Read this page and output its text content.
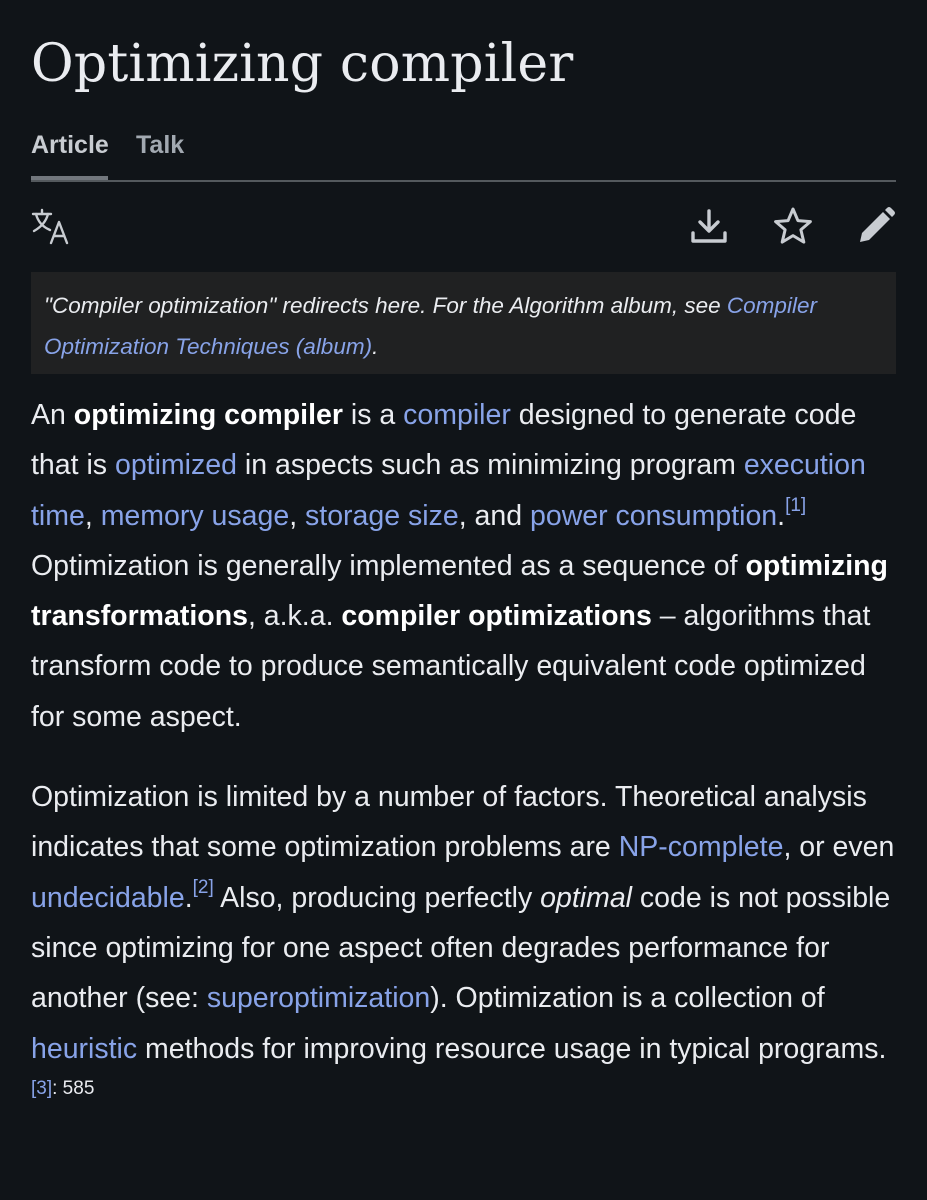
Optimizing compiler
Article Talk
"Compiler optimization" redirects here. For the Algorithm album, see Compiler Optimization Techniques (album).

An optimizing compiler is a compiler designed to generate code that is optimized in aspects such as minimizing program execution time, memory usage, storage size, and power consumption.[1] Optimization is generally implemented as a sequence of optimizing transformations, a.k.a. compiler optimizations – algorithms that transform code to produce semantically equivalent code optimized for some aspect.

Optimization is limited by a number of factors. Theoretical analysis indicates that some optimization problems are NP-complete, or even undecidable.[2] Also, producing perfectly optimal code is not possible since optimizing for one aspect often degrades performance for another (see: superoptimization). Optimization is a collection of heuristic methods for improving resource usage in typical programs.$^{[3]: 585}$
